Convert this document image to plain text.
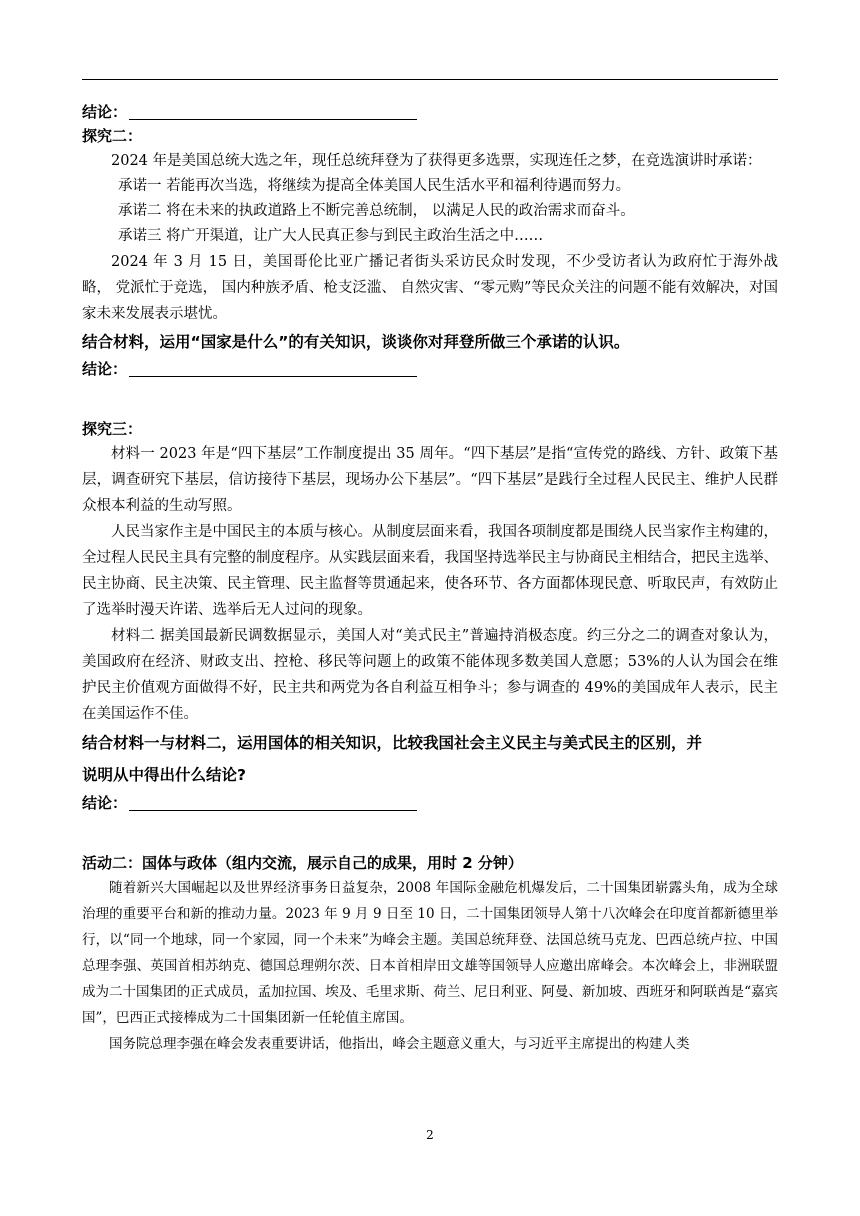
结论：
探究二：

2024 年是美国总统大选之年，现任总统拜登为了获得更多选票，实现连任之梦，在竞选演讲时承诺：

承诺一 若能再次当选，将继续为提高全体美国人民生活水平和福利待遇而努力。

承诺二 将在未来的执政道路上不断完善总统制， 以满足人民的政治需求而奋斗。

承诺三 将广开渠道，让广大人民真正参与到民主政治生活之中……

2024 年 3 月 15 日，美国哥伦比亚广播记者街头采访民众时发现，不少受访者认为政府忙于海外战略， 党派忙于竞选， 国内种族矛盾、枪支泛滥、 自然灾害、“零元购”等民众关注的问题不能有效解决，对国家未来发展表示堪忧。

结合材料，运用“国家是什么”的有关知识，谈谈你对拜登所做三个承诺的认识。

结论：
探究三：

材料一 2023 年是“四下基层”工作制度提出 35 周年。“四下基层”是指“宣传党的路线、方针、政策下基层，调查研究下基层，信访接待下基层，现场办公下基层”。“四下基层”是践行全过程人民民主、维护人民群众根本利益的生动写照。

人民当家作主是中国民主的本质与核心。从制度层面来看，我国各项制度都是围绕人民当家作主构建的，全过程人民民主具有完整的制度程序。从实践层面来看，我国坚持选举民主与协商民主相结合，把民主选举、民主协商、民主决策、民主管理、民主监督等贯通起来，使各环节、各方面都体现民意、听取民声，有效防止了选举时漫天许诺、选举后无人过问的现象。

材料二 据美国最新民调数据显示，美国人对“美式民主”普遍持消极态度。约三分之二的调查对象认为，美国政府在经济、财政支出、控枪、移民等问题上的政策不能体现多数美国人意愿；53%的人认为国会在维护民主价值观方面做得不好，民主共和两党为各自利益互相争斗；参与调查的 49%的美国成年人表示，民主在美国运作不佳。

结合材料一与材料二，运用国体的相关知识，比较我国社会主义民主与美式民主的区别，并

说明从中得出什么结论?

结论：
活动二：国体与政体（组内交流，展示自己的成果，用时 2 分钟）

随着新兴大国崛起以及世界经济事务日益复杂，2008 年国际金融危机爆发后，二十国集团崭露头角，成为全球治理的重要平台和新的推动力量。2023 年 9 月 9 日至 10 日，二十国集团领导人第十八次峰会在印度首都新德里举行，以“同一个地球，同一个家园，同一个未来”为峰会主题。美国总统拜登、法国总统马克龙、巴西总统卢拉、中国总理李强、英国首相苏纳克、德国总理朔尔茨、日本首相岸田文雄等国领导人应邀出席峰会。本次峰会上，非洲联盟成为二十国集团的正式成员，孟加拉国、埃及、毛里求斯、荷兰、尼日利亚、阿曼、新加坡、西班牙和阿联酋是“嘉宾国”，巴西正式接棒成为二十国集团新一任轮值主席国。

国务院总理李强在峰会发表重要讲话，他指出，峰会主题意义重大，与习近平主席提出的构建人类

2
